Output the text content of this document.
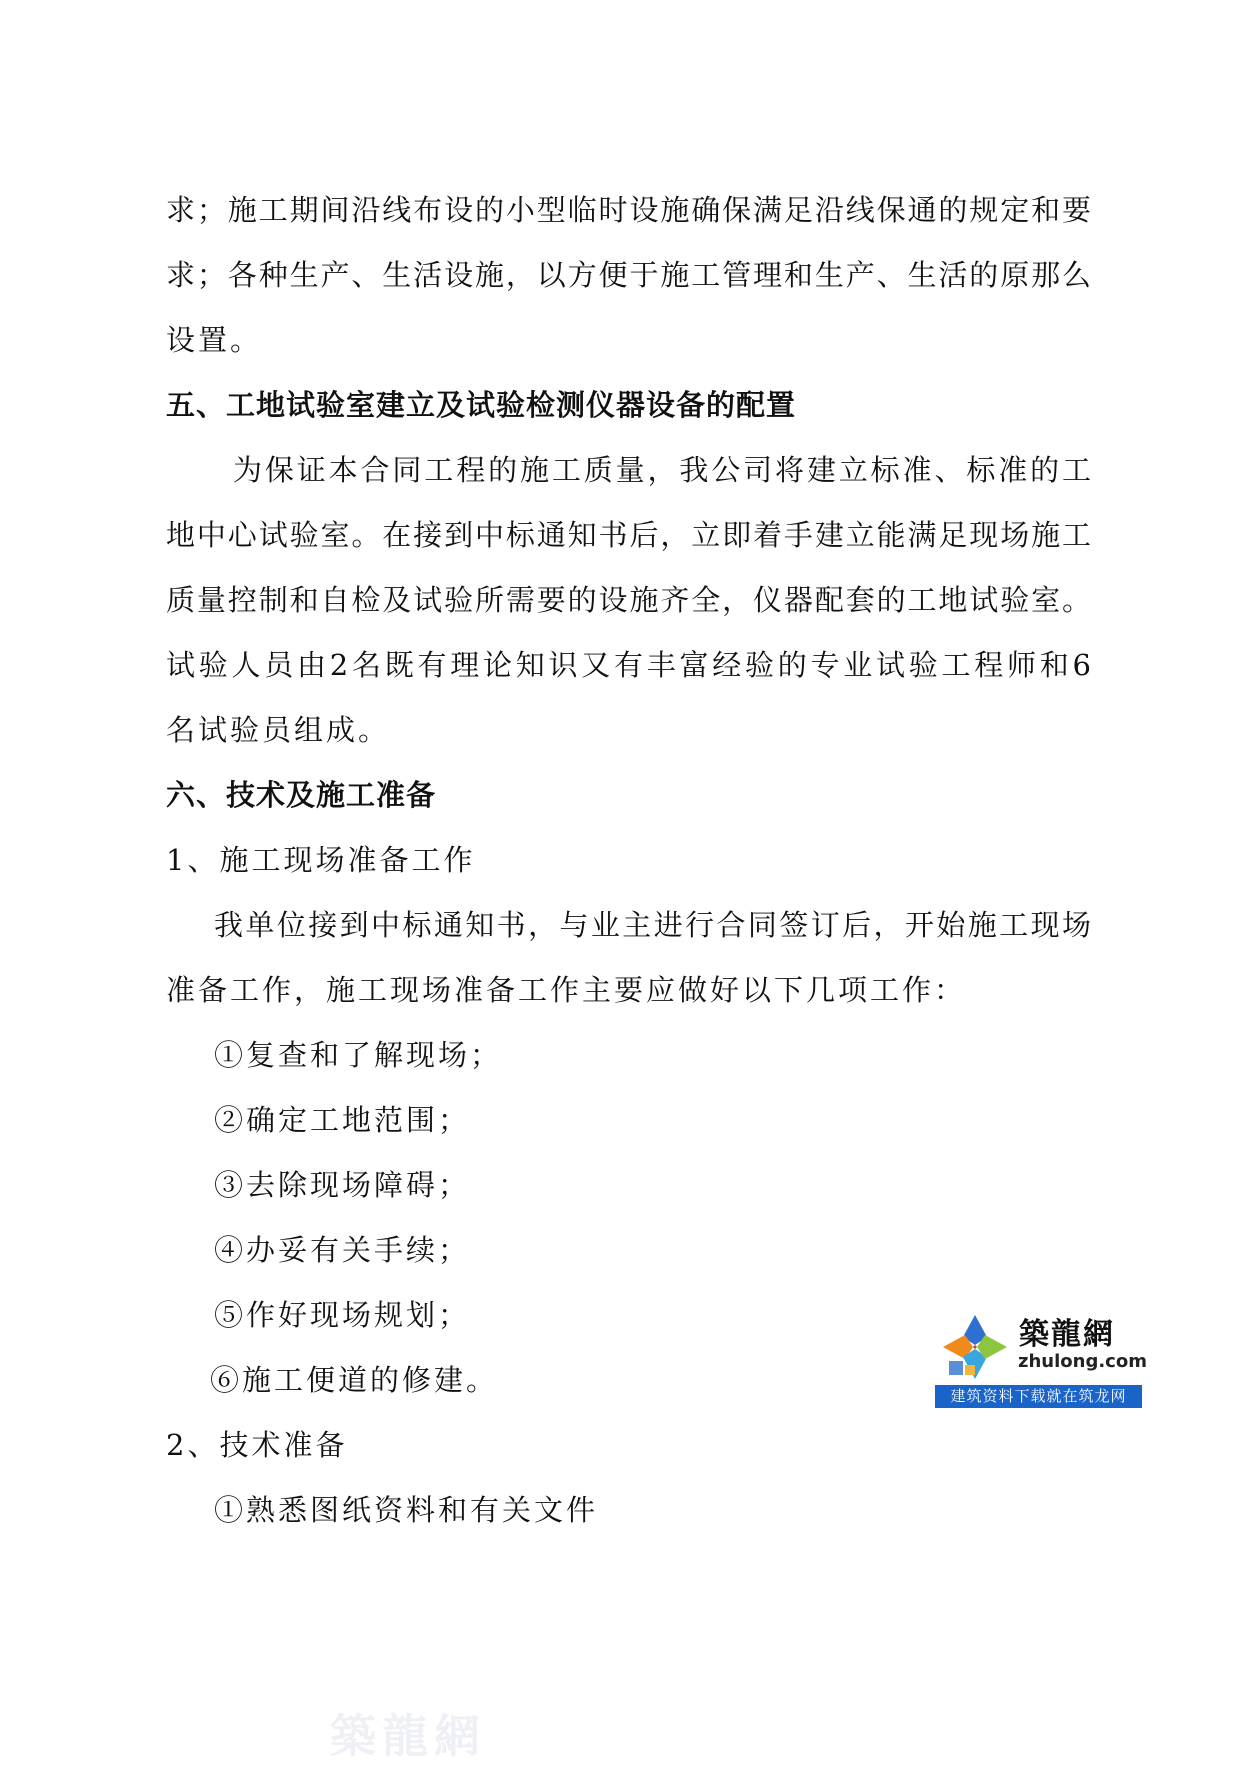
求；施工期间沿线布设的小型临时设施确保满足沿线保通的规定和要
求；各种生产、生活设施，以方便于施工管理和生产、生活的原那么
设置。
五、工地试验室建立及试验检测仪器设备的配置
为保证本合同工程的施工质量，我公司将建立标准、标准的工
地中心试验室。在接到中标通知书后，立即着手建立能满足现场施工
质量控制和自检及试验所需要的设施齐全，仪器配套的工地试验室。
试验人员由2名既有理论知识又有丰富经验的专业试验工程师和6
名试验员组成。
六、技术及施工准备
1、施工现场准备工作
我单位接到中标通知书，与业主进行合同签订后，开始施工现场
准备工作，施工现场准备工作主要应做好以下几项工作：
①复查和了解现场；
②确定工地范围；
③去除现场障碍；
④办妥有关手续；
⑤作好现场规划；
⑥施工便道的修建。
2、技术准备
①熟悉图纸资料和有关文件
築龍網
zhulong.com
建筑资料下载就在筑龙网
築龍網
